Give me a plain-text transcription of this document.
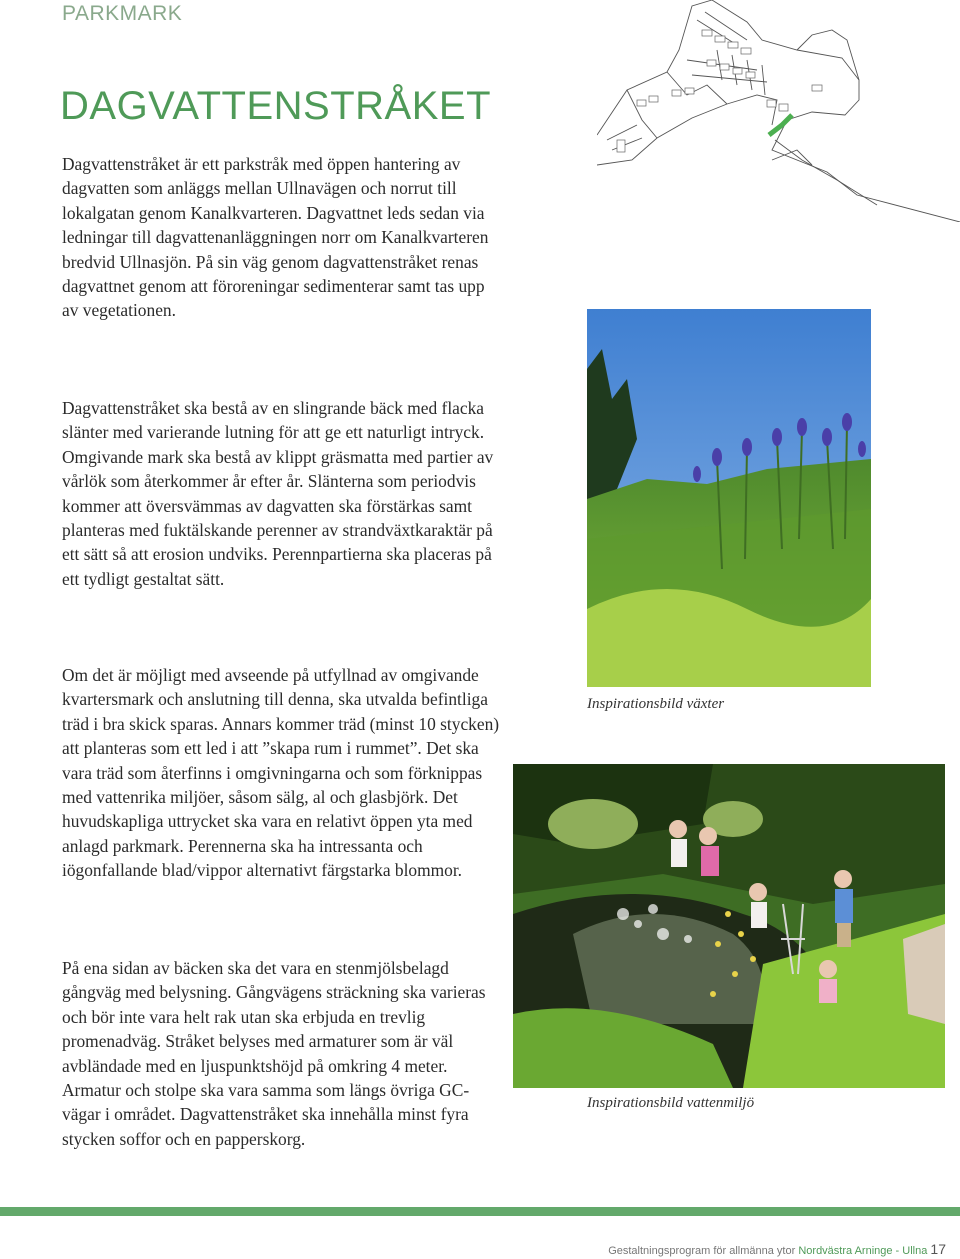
PARKMARK
DAGVATTENSTRÅKET

Dagvattenstråket är ett parkstråk med öppen hantering av dagvatten som anläggs mellan Ullnavägen och norrut till lokalgatan genom Kanalkvarteren. Dagvattnet leds sedan via ledningar till dagvattenanläggningen norr om Kanalkvarteren bredvid Ullnasjön. På sin väg genom dagvattenstråket renas dagvattnet genom att föroreningar sedimenterar samt tas upp av vegetationen.

Dagvattenstråket ska bestå av en slingrande bäck med flacka slänter med varierande lutning för att ge ett naturligt intryck. Omgivande mark ska bestå av klippt gräsmatta med partier av vårlök som återkommer år efter år. Slänterna som periodvis kommer att översvämmas av dagvatten ska förstärkas samt planteras med fuktälskande perenner av strandväxtkaraktär på ett sätt så att erosion undviks. Perennpartierna ska placeras på ett tydligt gestaltat sätt.

Om det är möjligt med avseende på utfyllnad av omgivande kvartersmark och anslutning till denna, ska utvalda befintliga träd i bra skick sparas. Annars kommer träd (minst 10 stycken) att planteras som ett led i att ”skapa rum i rummet”. Det ska vara träd som återfinns i omgivningarna och som förknippas med vattenrika miljöer, såsom sälg, al och glasbjörk. Det huvudskapliga uttrycket ska vara en relativt öppen yta med anlagd parkmark. Perennerna ska ha intressanta och iögonfallande blad/vippor alternativt färgstarka blommor.

På ena sidan av bäcken ska det vara en stenmjölsbelagd gångväg med belysning. Gångvägens sträckning ska varieras och bör inte vara helt rak utan ska erbjuda en trevlig promenadväg. Stråket belyses med armaturer som är väl avbländade med en ljuspunktshöjd på omkring 4 meter. Armatur och stolpe ska vara samma som längs övriga GC-vägar i området. Dagvattenstråket ska innehålla minst fyra stycken soffor och en papperskorg.

Inspirationsbild växter
Inspirationsbild vattenmiljö
Gestaltningsprogram för allmänna ytor Nordvästra Arninge - Ullna 17
